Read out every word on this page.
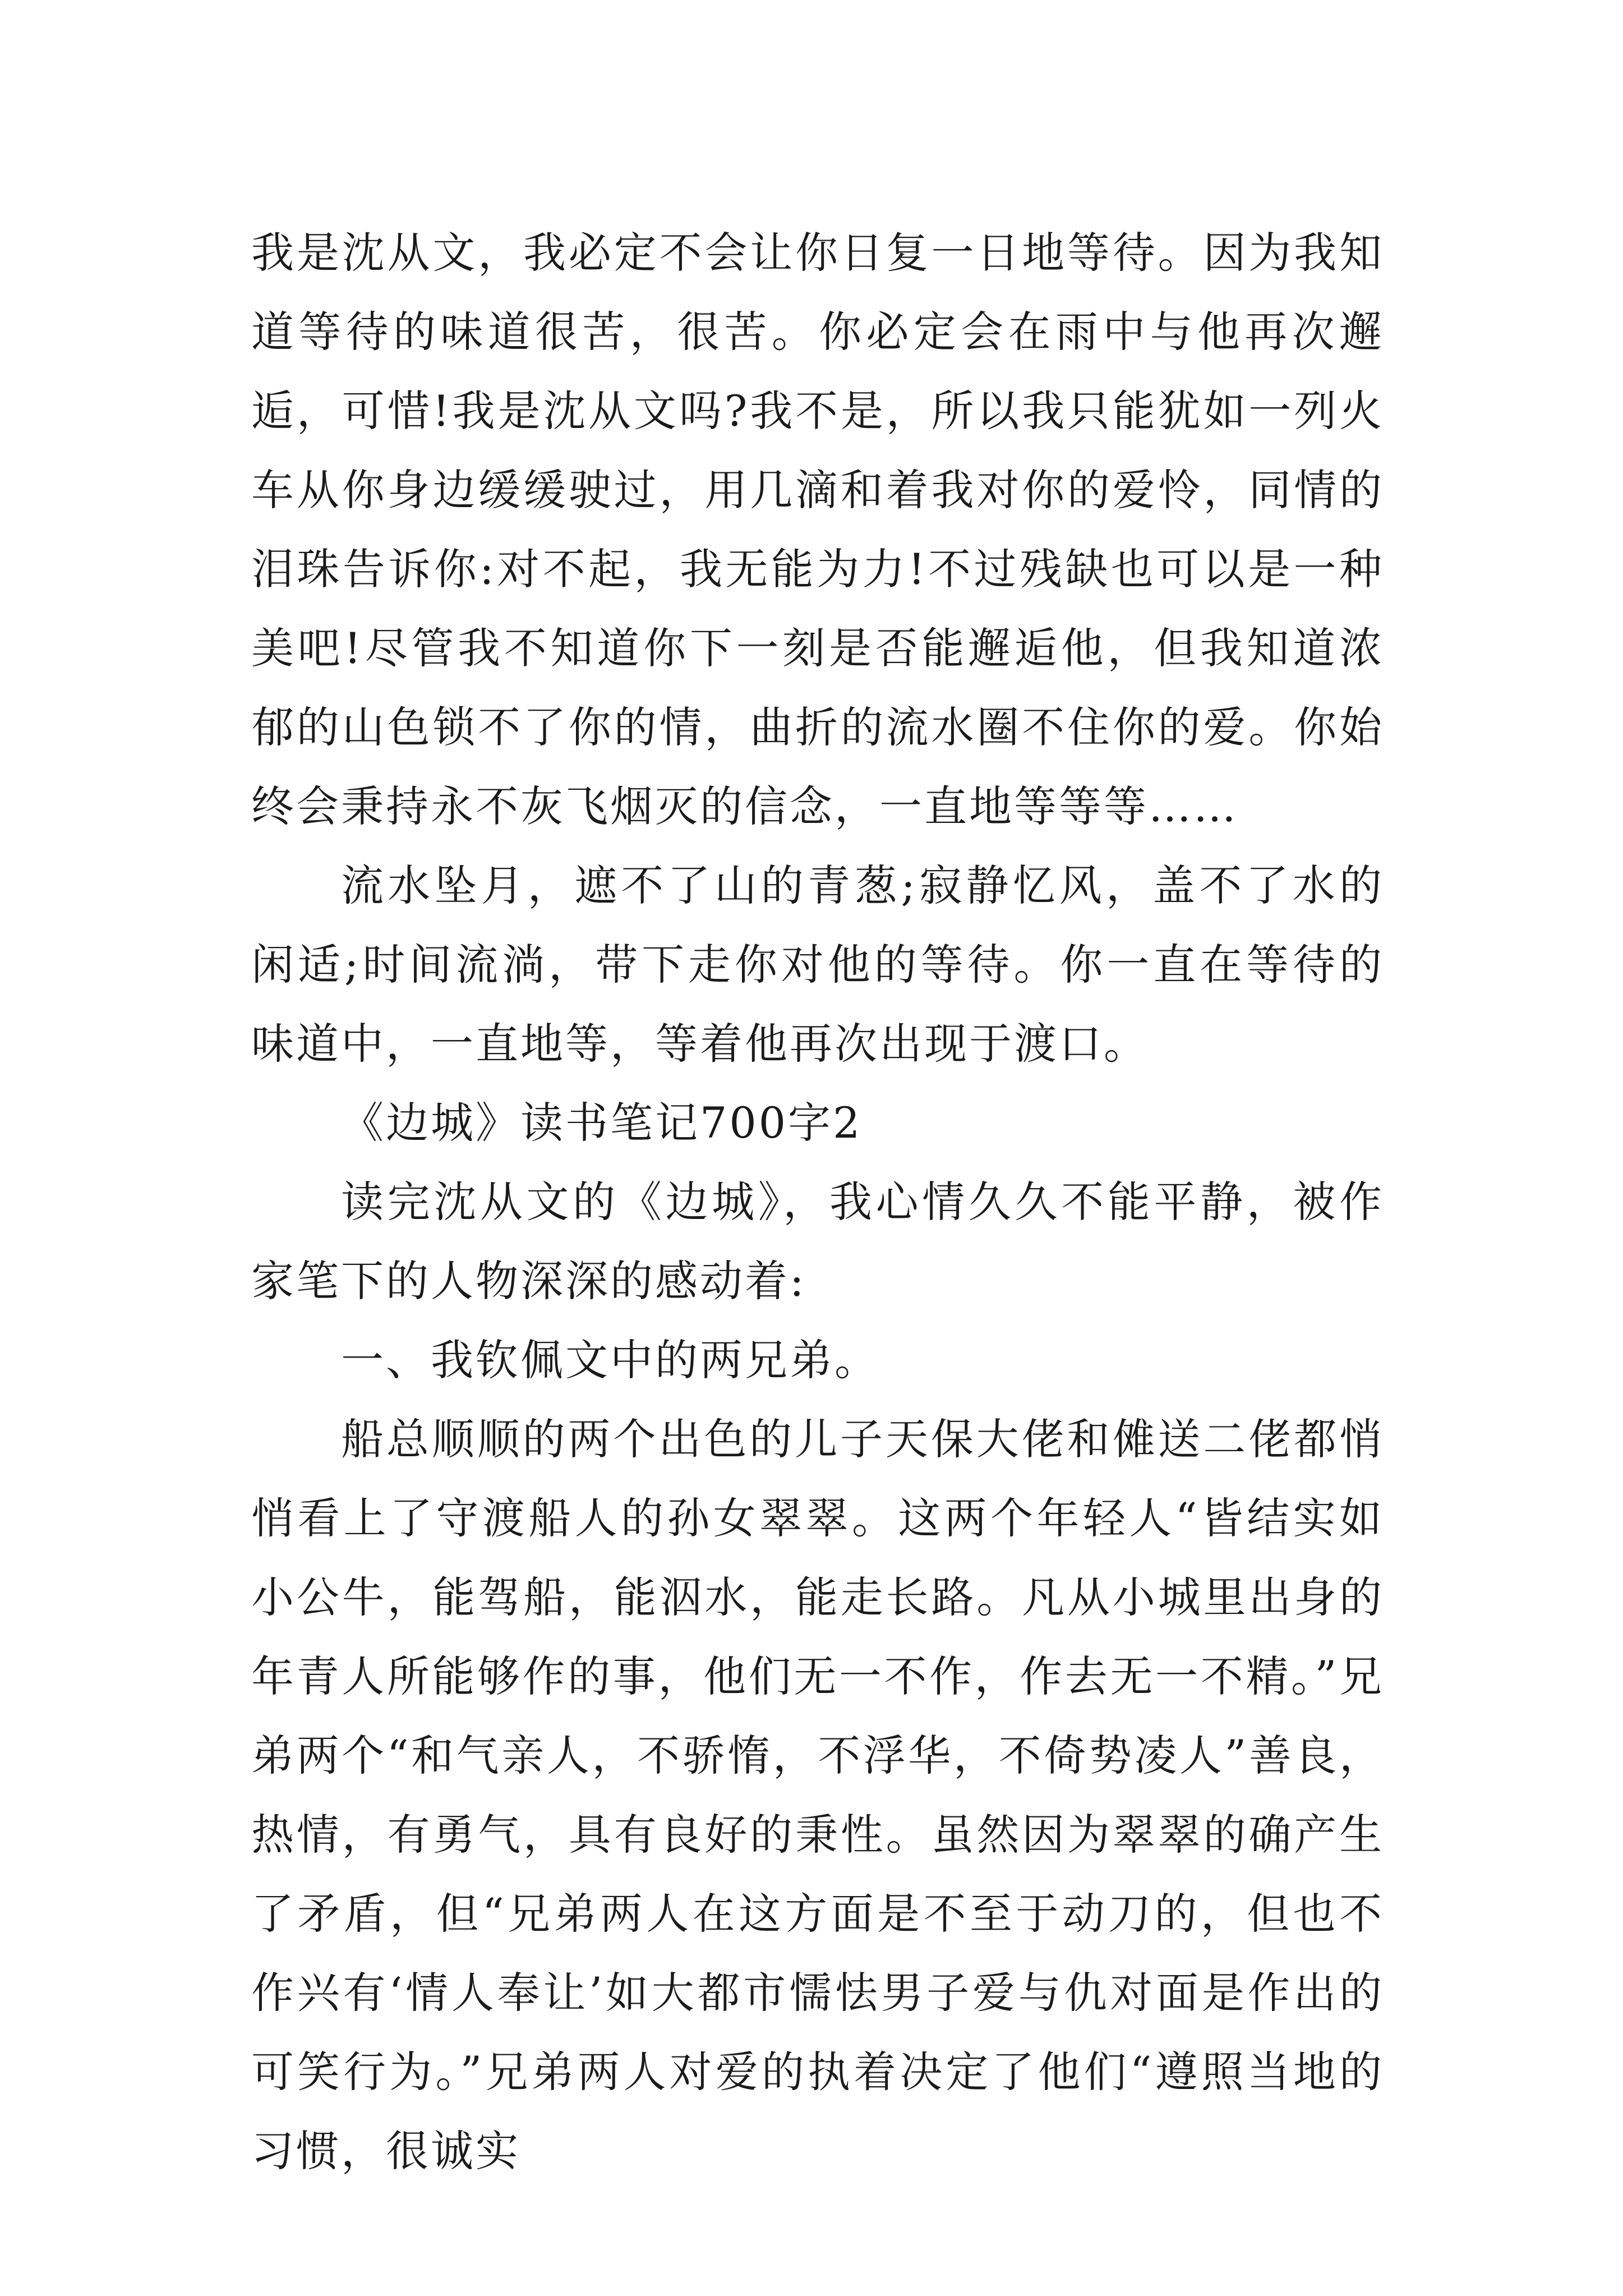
我是沈从文，我必定不会让你日复一日地等待。因为我知道等待的味道很苦，很苦。你必定会在雨中与他再次邂逅，可惜!我是沈从文吗?我不是，所以我只能犹如一列火车从你身边缓缓驶过，用几滴和着我对你的爱怜，同情的泪珠告诉你:对不起，我无能为力!不过残缺也可以是一种美吧!尽管我不知道你下一刻是否能邂逅他，但我知道浓郁的山色锁不了你的情，曲折的流水圈不住你的爱。你始终会秉持永不灰飞烟灭的信念，一直地等等等……

流水坠月，遮不了山的青葱;寂静忆风，盖不了水的闲适;时间流淌，带下走你对他的等待。你一直在等待的味道中，一直地等，等着他再次出现于渡口。

《边城》读书笔记700字2

读完沈从文的《边城》，我心情久久不能平静，被作家笔下的人物深深的感动着:

一、我钦佩文中的两兄弟。

船总顺顺的两个出色的儿子天保大佬和傩送二佬都悄悄看上了守渡船人的孙女翠翠。这两个年轻人“皆结实如小公牛，能驾船，能泅水，能走长路。凡从小城里出身的年青人所能够作的事，他们无一不作，作去无一不精。”兄弟两个“和气亲人，不骄惰，不浮华，不倚势凌人”善良，热情，有勇气，具有良好的秉性。虽然因为翠翠的确产生了矛盾，但“兄弟两人在这方面是不至于动刀的，但也不作兴有‘情人奉让’如大都市懦怯男子爱与仇对面是作出的可笑行为。”兄弟两人对爱的执着决定了他们“遵照当地的习惯，很诚实
